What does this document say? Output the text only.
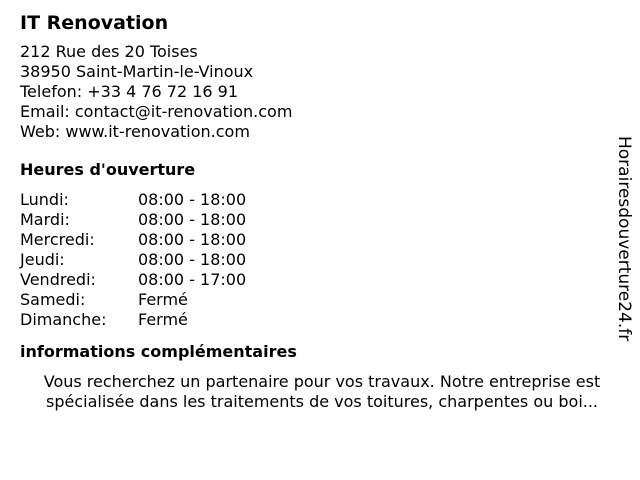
IT Renovation
212 Rue des 20 Toises
38950 Saint-Martin-le-Vinoux
Telefon: +33 4 76 72 16 91
Email: contact@it-renovation.com
Web: www.it-renovation.com
Heures d'ouverture
Lundi:	08:00 - 18:00
Mardi:	08:00 - 18:00
Mercredi:	08:00 - 18:00
Jeudi:	08:00 - 18:00
Vendredi:	08:00 - 17:00
Samedi:	Fermé
Dimanche:	Fermé
informations complémentaires
Vous recherchez un partenaire pour vos travaux. Notre entreprise est
spécialisée dans les traitements de vos toitures, charpentes ou boi...
Horairesdouverture24.fr
